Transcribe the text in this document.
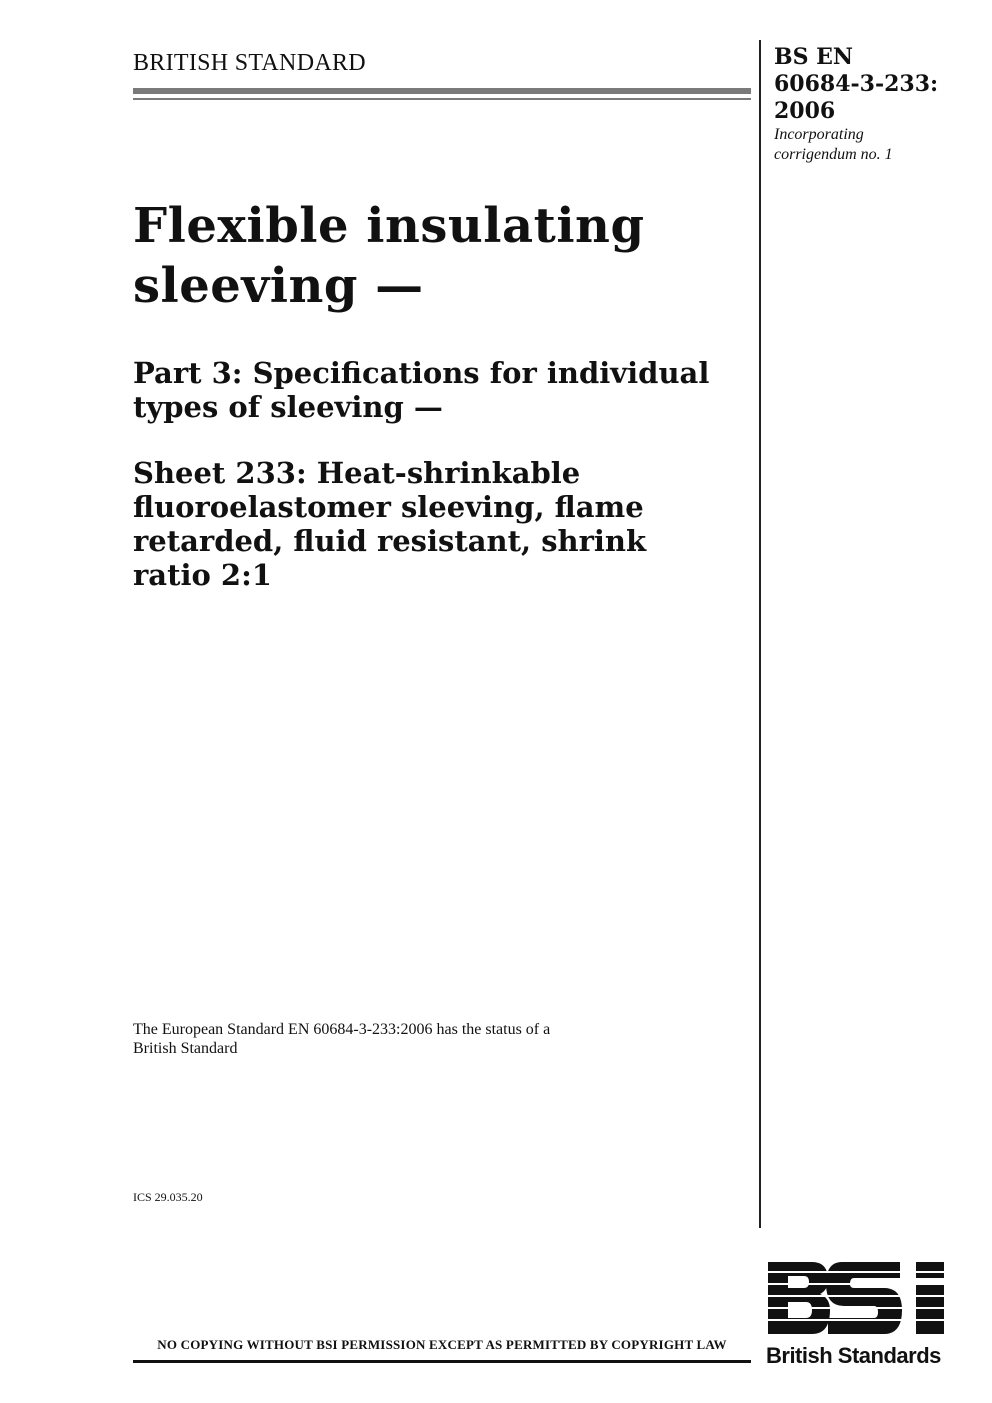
BRITISH STANDARD	BS EN
60684-3-233:
2006
Incorporating
corrigendum no. 1
Flexible insulating
sleeving —
Part 3: Specifications for individual
types of sleeving —
Sheet 233: Heat-shrinkable
fluoroelastomer sleeving, flame
retarded, fluid resistant, shrink
ratio 2:1
The European Standard EN 60684-3-233:2006 has the status of a
British Standard
ICS 29.035.20
NO COPYING WITHOUT BSI PERMISSION EXCEPT AS PERMITTED BY COPYRIGHT LAW	British Standards
